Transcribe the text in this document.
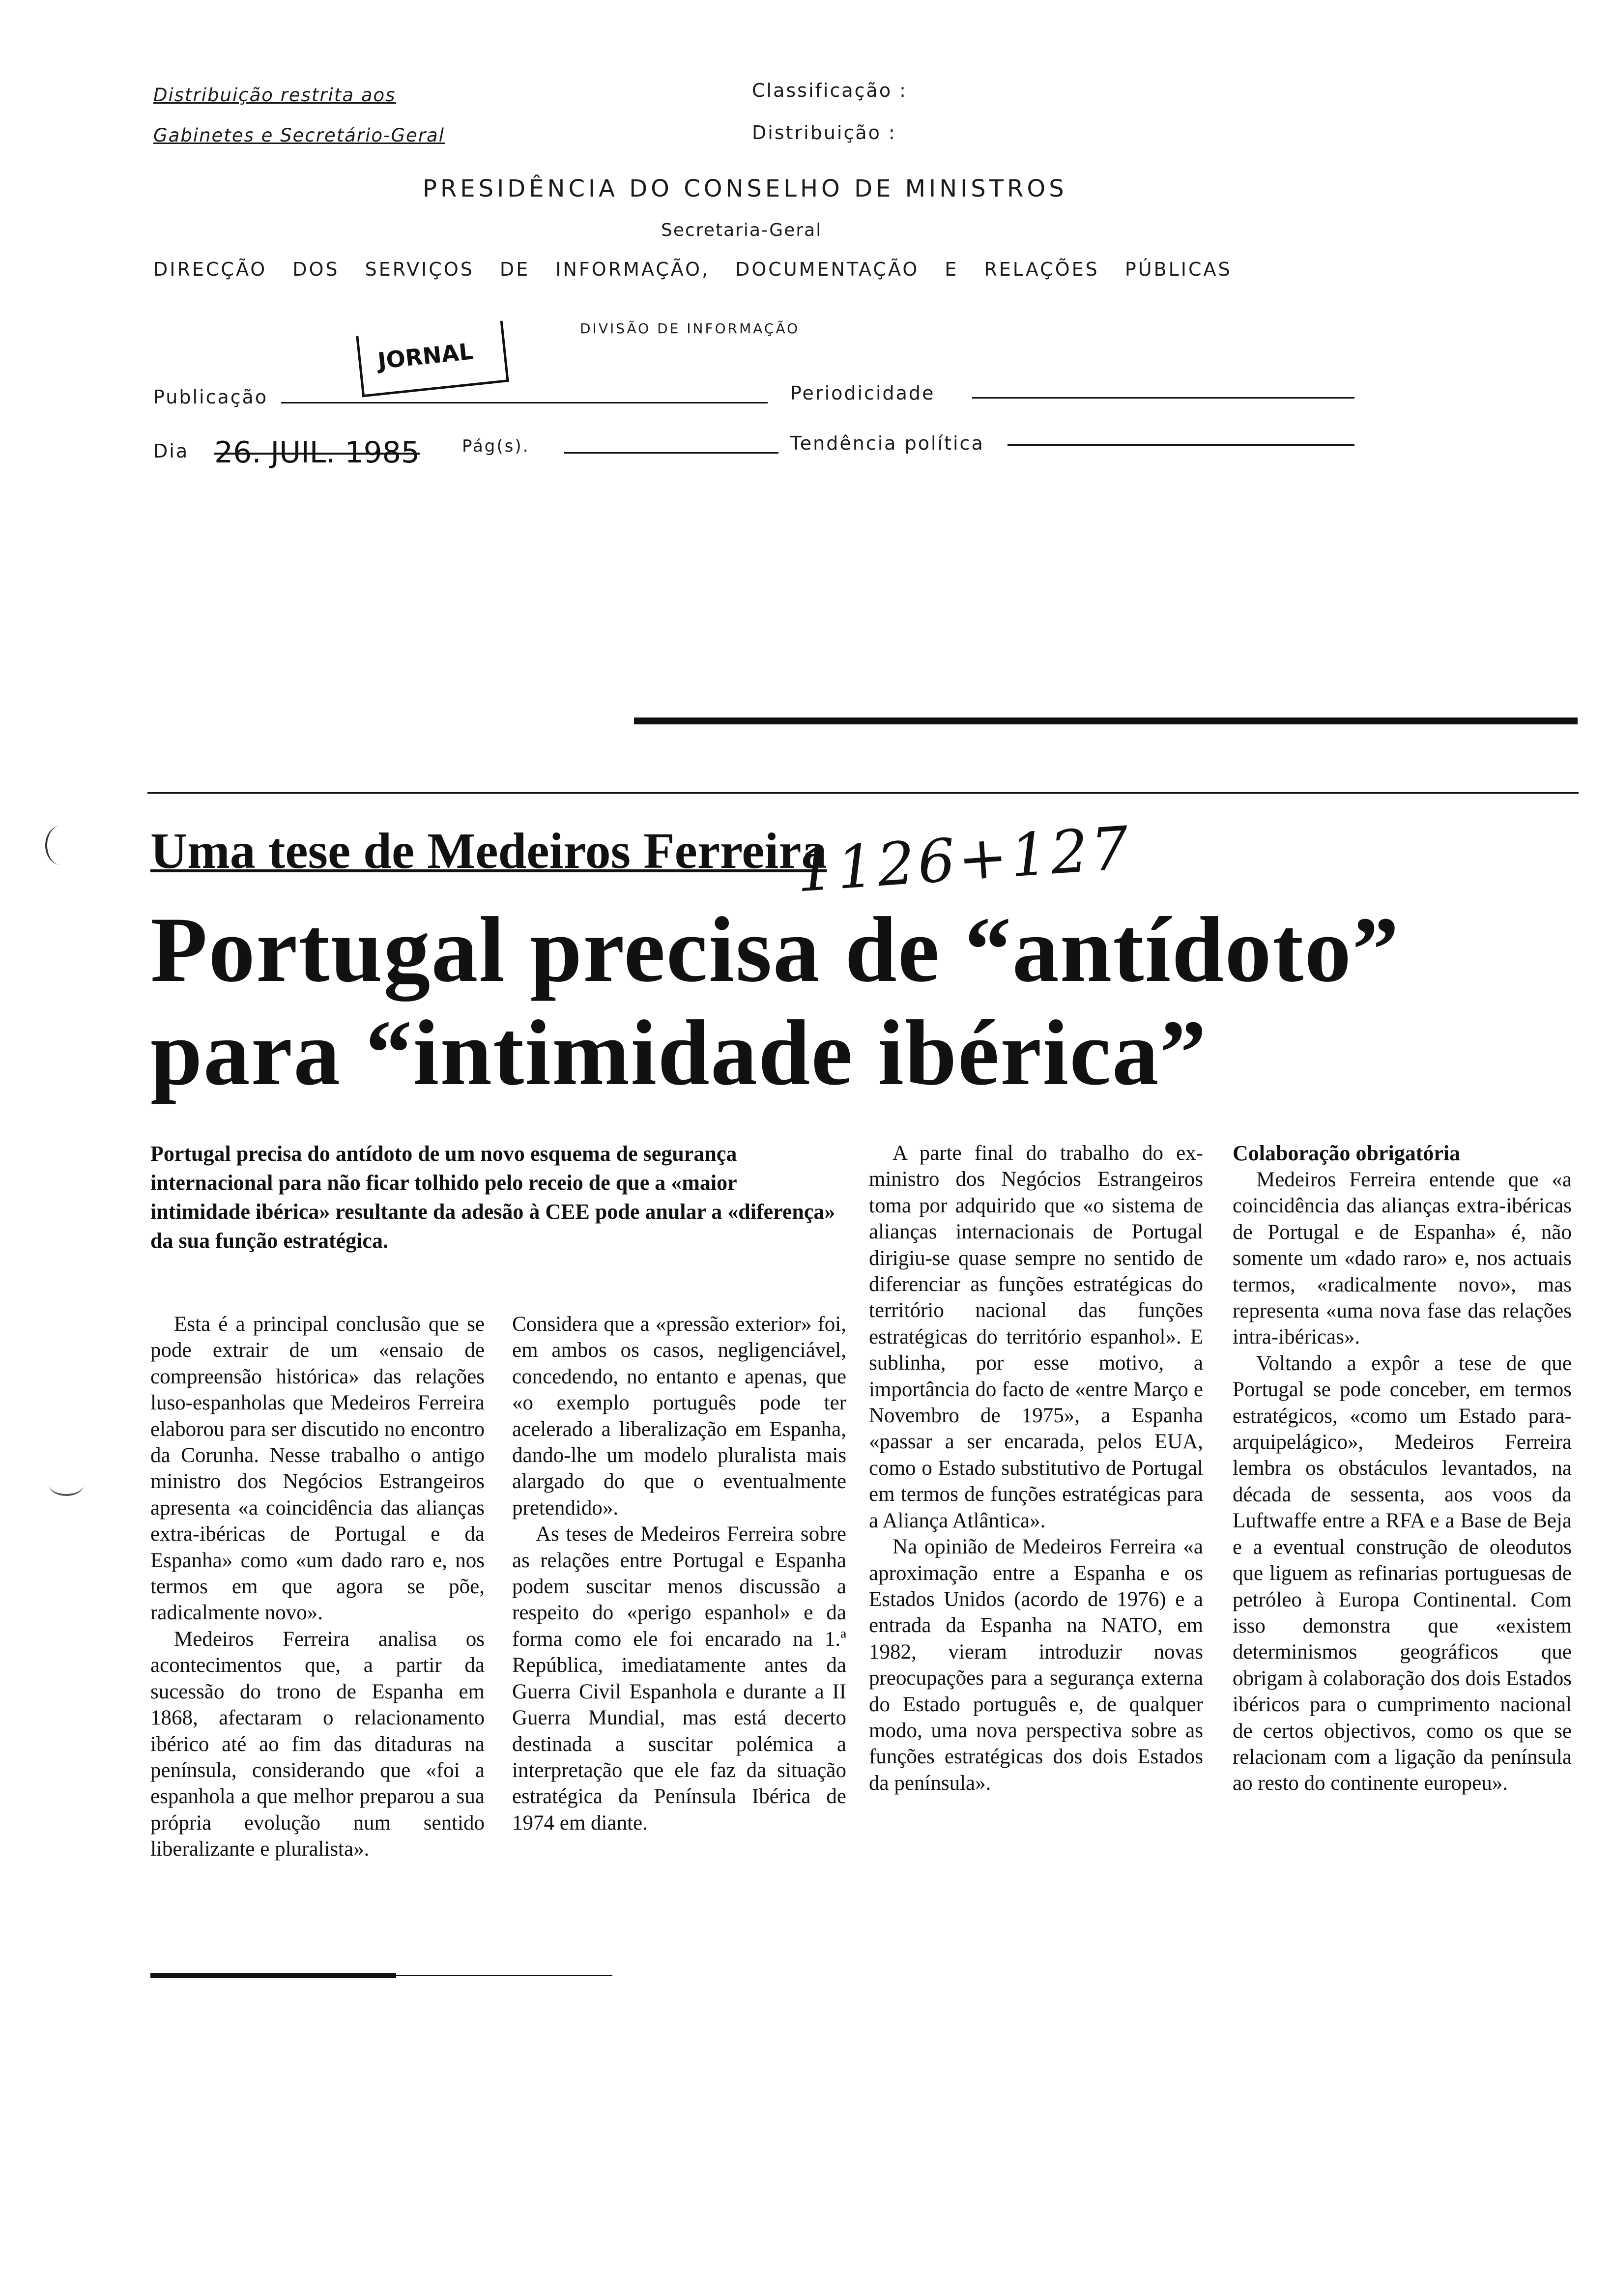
Distribuição restrita aos
Gabinetes e Secretário-Geral
Classificação :
Distribuição :
PRESIDÊNCIA DO CONSELHO DE MINISTROS
Secretaria-Geral
DIRECÇÃO DOS SERVIÇOS DE INFORMAÇÃO, DOCUMENTAÇÃO E RELAÇÕES PÚBLICAS
DIVISÃO DE INFORMAÇÃO
JORNAL
Publicação	Periodicidade
Dia 26. JUIL. 1985	Pág(s).	Tendência política
Uma tese de Medeiros Ferreira
1126+127
Portugal precisa de “antídoto”
para “intimidade ibérica”
Portugal precisa do antídoto de um novo esquema de segurança internacional para não ficar tolhido pelo receio de que a «maior intimidade ibérica» resultante da adesão à CEE pode anular a «diferença» da sua função estratégica.

Esta é a principal conclusão que se pode extrair de um «ensaio de compreensão histórica» das relações luso-espanholas que Medeiros Ferreira elaborou para ser discutido no encontro da Corunha. Nesse trabalho o antigo ministro dos Negócios Estrangeiros apresenta «a coincidência das alianças extra-ibéricas de Portugal e da Espanha» como «um dado raro e, nos termos em que agora se põe, radicalmente novo».

Medeiros Ferreira analisa os acontecimentos que, a partir da sucessão do trono de Espanha em 1868, afectaram o relacionamento ibérico até ao fim das ditaduras na península, considerando que «foi a espanhola a que melhor preparou a sua própria evolução num sentido liberalizante e pluralista».

Considera que a «pressão exterior» foi, em ambos os casos, negligenciável, concedendo, no entanto e apenas, que «o exemplo português pode ter acelerado a liberalização em Espanha, dando-lhe um modelo pluralista mais alargado do que o eventualmente pretendido».

As teses de Medeiros Ferreira sobre as relações entre Portugal e Espanha podem suscitar menos discussão a respeito do «perigo espanhol» e da forma como ele foi encarado na 1.ª República, imediatamente antes da Guerra Civil Espanhola e durante a II Guerra Mundial, mas está decerto destinada a suscitar polémica a interpretação que ele faz da situação estratégica da Península Ibérica de 1974 em diante.

A parte final do trabalho do ex-ministro dos Negócios Estrangeiros toma por adquirido que «o sistema de alianças internacionais de Portugal dirigiu-se quase sempre no sentido de diferenciar as funções estratégicas do território nacional das funções estratégicas do território espanhol». E sublinha, por esse motivo, a importância do facto de «entre Março e Novembro de 1975», a Espanha «passar a ser encarada, pelos EUA, como o Estado substitutivo de Portugal em termos de funções estratégicas para a Aliança Atlântica».

Na opinião de Medeiros Ferreira «a aproximação entre a Espanha e os Estados Unidos (acordo de 1976) e a entrada da Espanha na NATO, em 1982, vieram introduzir novas preocupações para a segurança externa do Estado português e, de qualquer modo, uma nova perspectiva sobre as funções estratégicas dos dois Estados da península».

Colaboração obrigatória

Medeiros Ferreira entende que «a coincidência das alianças extra-ibéricas de Portugal e de Espanha» é, não somente um «dado raro» e, nos actuais termos, «radicalmente novo», mas representa «uma nova fase das relações intra-ibéricas».

Voltando a expôr a tese de que Portugal se pode conceber, em termos estratégicos, «como um Estado para-arquipelágico», Medeiros Ferreira lembra os obstáculos levantados, na década de sessenta, aos voos da Luftwaffe entre a RFA e a Base de Beja e a eventual construção de oleodutos que liguem as refinarias portuguesas de petróleo à Europa Continental. Com isso demonstra que «existem determinismos geográficos que obrigam à colaboração dos dois Estados ibéricos para o cumprimento nacional de certos objectivos, como os que se relacionam com a ligação da península ao resto do continente europeu».
